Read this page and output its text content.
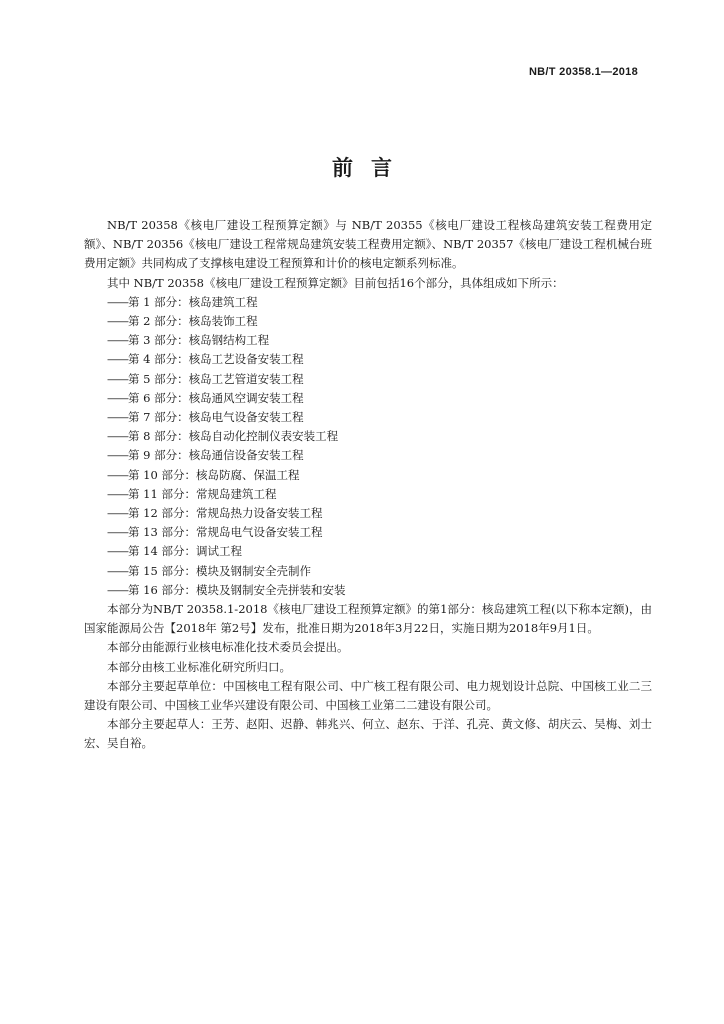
NB/T 20358.1—2018
前言

NB/T 20358《核电厂建设工程预算定额》与 NB/T 20355《核电厂建设工程核岛建筑安装工程费用定额》、NB/T 20356《核电厂建设工程常规岛建筑安装工程费用定额》、NB/T 20357《核电厂建设工程机械台班费用定额》共同构成了支撑核电建设工程预算和计价的核电定额系列标准。

其中 NB/T 20358《核电厂建设工程预算定额》目前包括16个部分，具体组成如下所示：

——第 1 部分：核岛建筑工程
——第 2 部分：核岛装饰工程
——第 3 部分：核岛钢结构工程
——第 4 部分：核岛工艺设备安装工程
——第 5 部分：核岛工艺管道安装工程
——第 6 部分：核岛通风空调安装工程
——第 7 部分：核岛电气设备安装工程
——第 8 部分：核岛自动化控制仪表安装工程
——第 9 部分：核岛通信设备安装工程
——第 10 部分：核岛防腐、保温工程
——第 11 部分：常规岛建筑工程
——第 12 部分：常规岛热力设备安装工程
——第 13 部分：常规岛电气设备安装工程
——第 14 部分：调试工程
——第 15 部分：模块及钢制安全壳制作
——第 16 部分：模块及钢制安全壳拼装和安装

本部分为NB/T 20358.1-2018《核电厂建设工程预算定额》的第1部分：核岛建筑工程(以下称本定额)，由国家能源局公告【2018年 第2号】发布，批准日期为2018年3月22日，实施日期为2018年9月1日。

本部分由能源行业核电标准化技术委员会提出。

本部分由核工业标准化研究所归口。

本部分主要起草单位：中国核电工程有限公司、中广核工程有限公司、电力规划设计总院、中国核工业二三建设有限公司、中国核工业华兴建设有限公司、中国核工业第二二建设有限公司。

本部分主要起草人：王芳、赵阳、迟静、韩兆兴、何立、赵东、于洋、孔亮、黄文修、胡庆云、吴梅、刘士宏、吴自裕。
